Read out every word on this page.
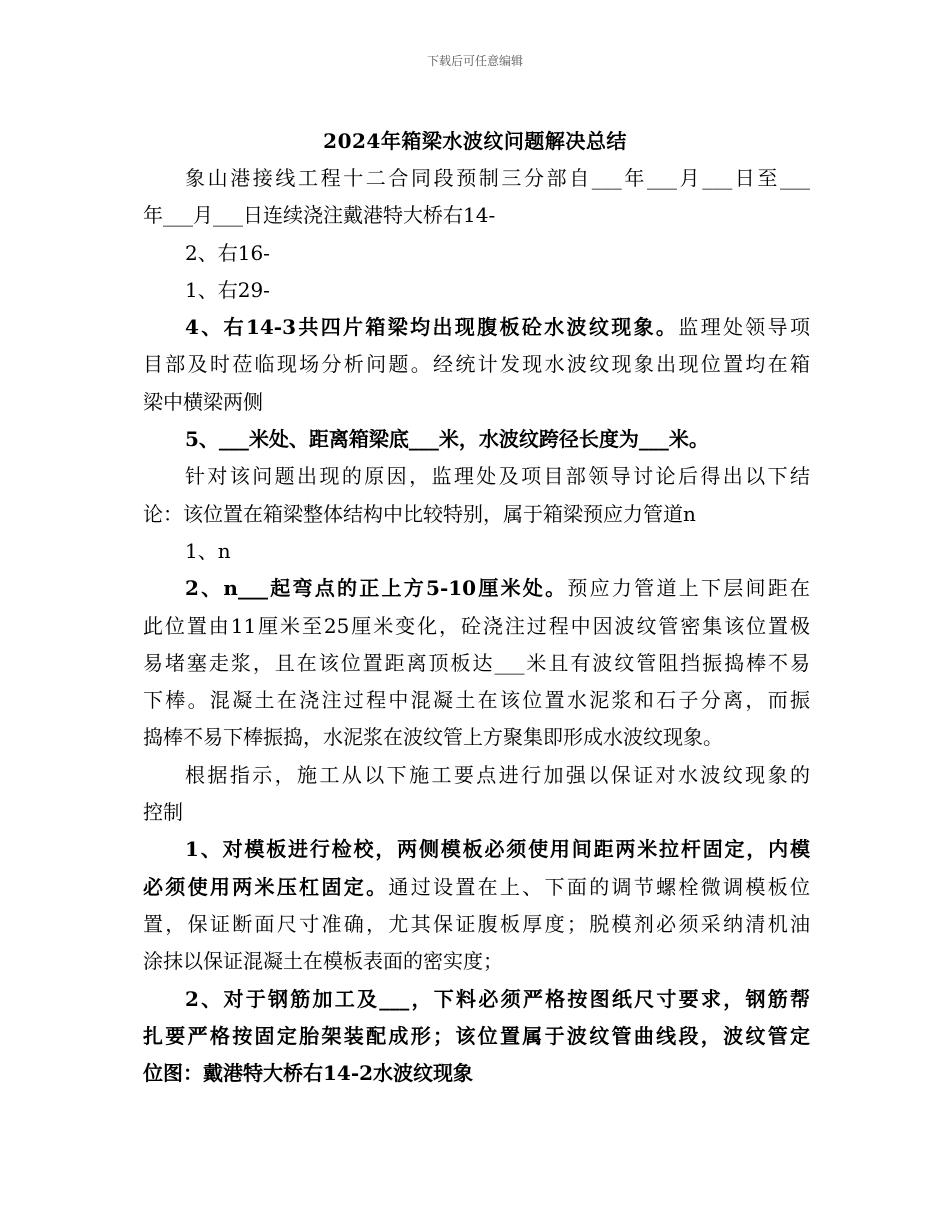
下载后可任意编辑
2024年箱梁水波纹问题解决总结
象山港接线工程十二合同段预制三分部自___年___月___日至___
年___月___日连续浇注戴港特大桥右14-
2、右16-
1、右29-
4、右14-3共四片箱梁均出现腹板砼水波纹现象。监理处领导项
目部及时莅临现场分析问题。经统计发现水波纹现象出现位置均在箱
梁中横梁两侧
5、___米处、距离箱梁底___米，水波纹跨径长度为___米。
针对该问题出现的原因，监理处及项目部领导讨论后得出以下结
论：该位置在箱梁整体结构中比较特别，属于箱梁预应力管道n
1、n
2、n___起弯点的正上方5-10厘米处。预应力管道上下层间距在
此位置由11厘米至25厘米变化，砼浇注过程中因波纹管密集该位置极
易堵塞走浆，且在该位置距离顶板达___米且有波纹管阻挡振捣棒不易
下棒。混凝土在浇注过程中混凝土在该位置水泥浆和石子分离，而振
捣棒不易下棒振捣，水泥浆在波纹管上方聚集即形成水波纹现象。
根据指示，施工从以下施工要点进行加强以保证对水波纹现象的
控制
1、对模板进行检校，两侧模板必须使用间距两米拉杆固定，内模
必须使用两米压杠固定。通过设置在上、下面的调节螺栓微调模板位
置，保证断面尺寸准确，尤其保证腹板厚度；脱模剂必须采纳清机油
涂抹以保证混凝土在模板表面的密实度；
2、对于钢筋加工及___，下料必须严格按图纸尺寸要求，钢筋帮
扎要严格按固定胎架装配成形；该位置属于波纹管曲线段，波纹管定
位图：戴港特大桥右14-2水波纹现象
